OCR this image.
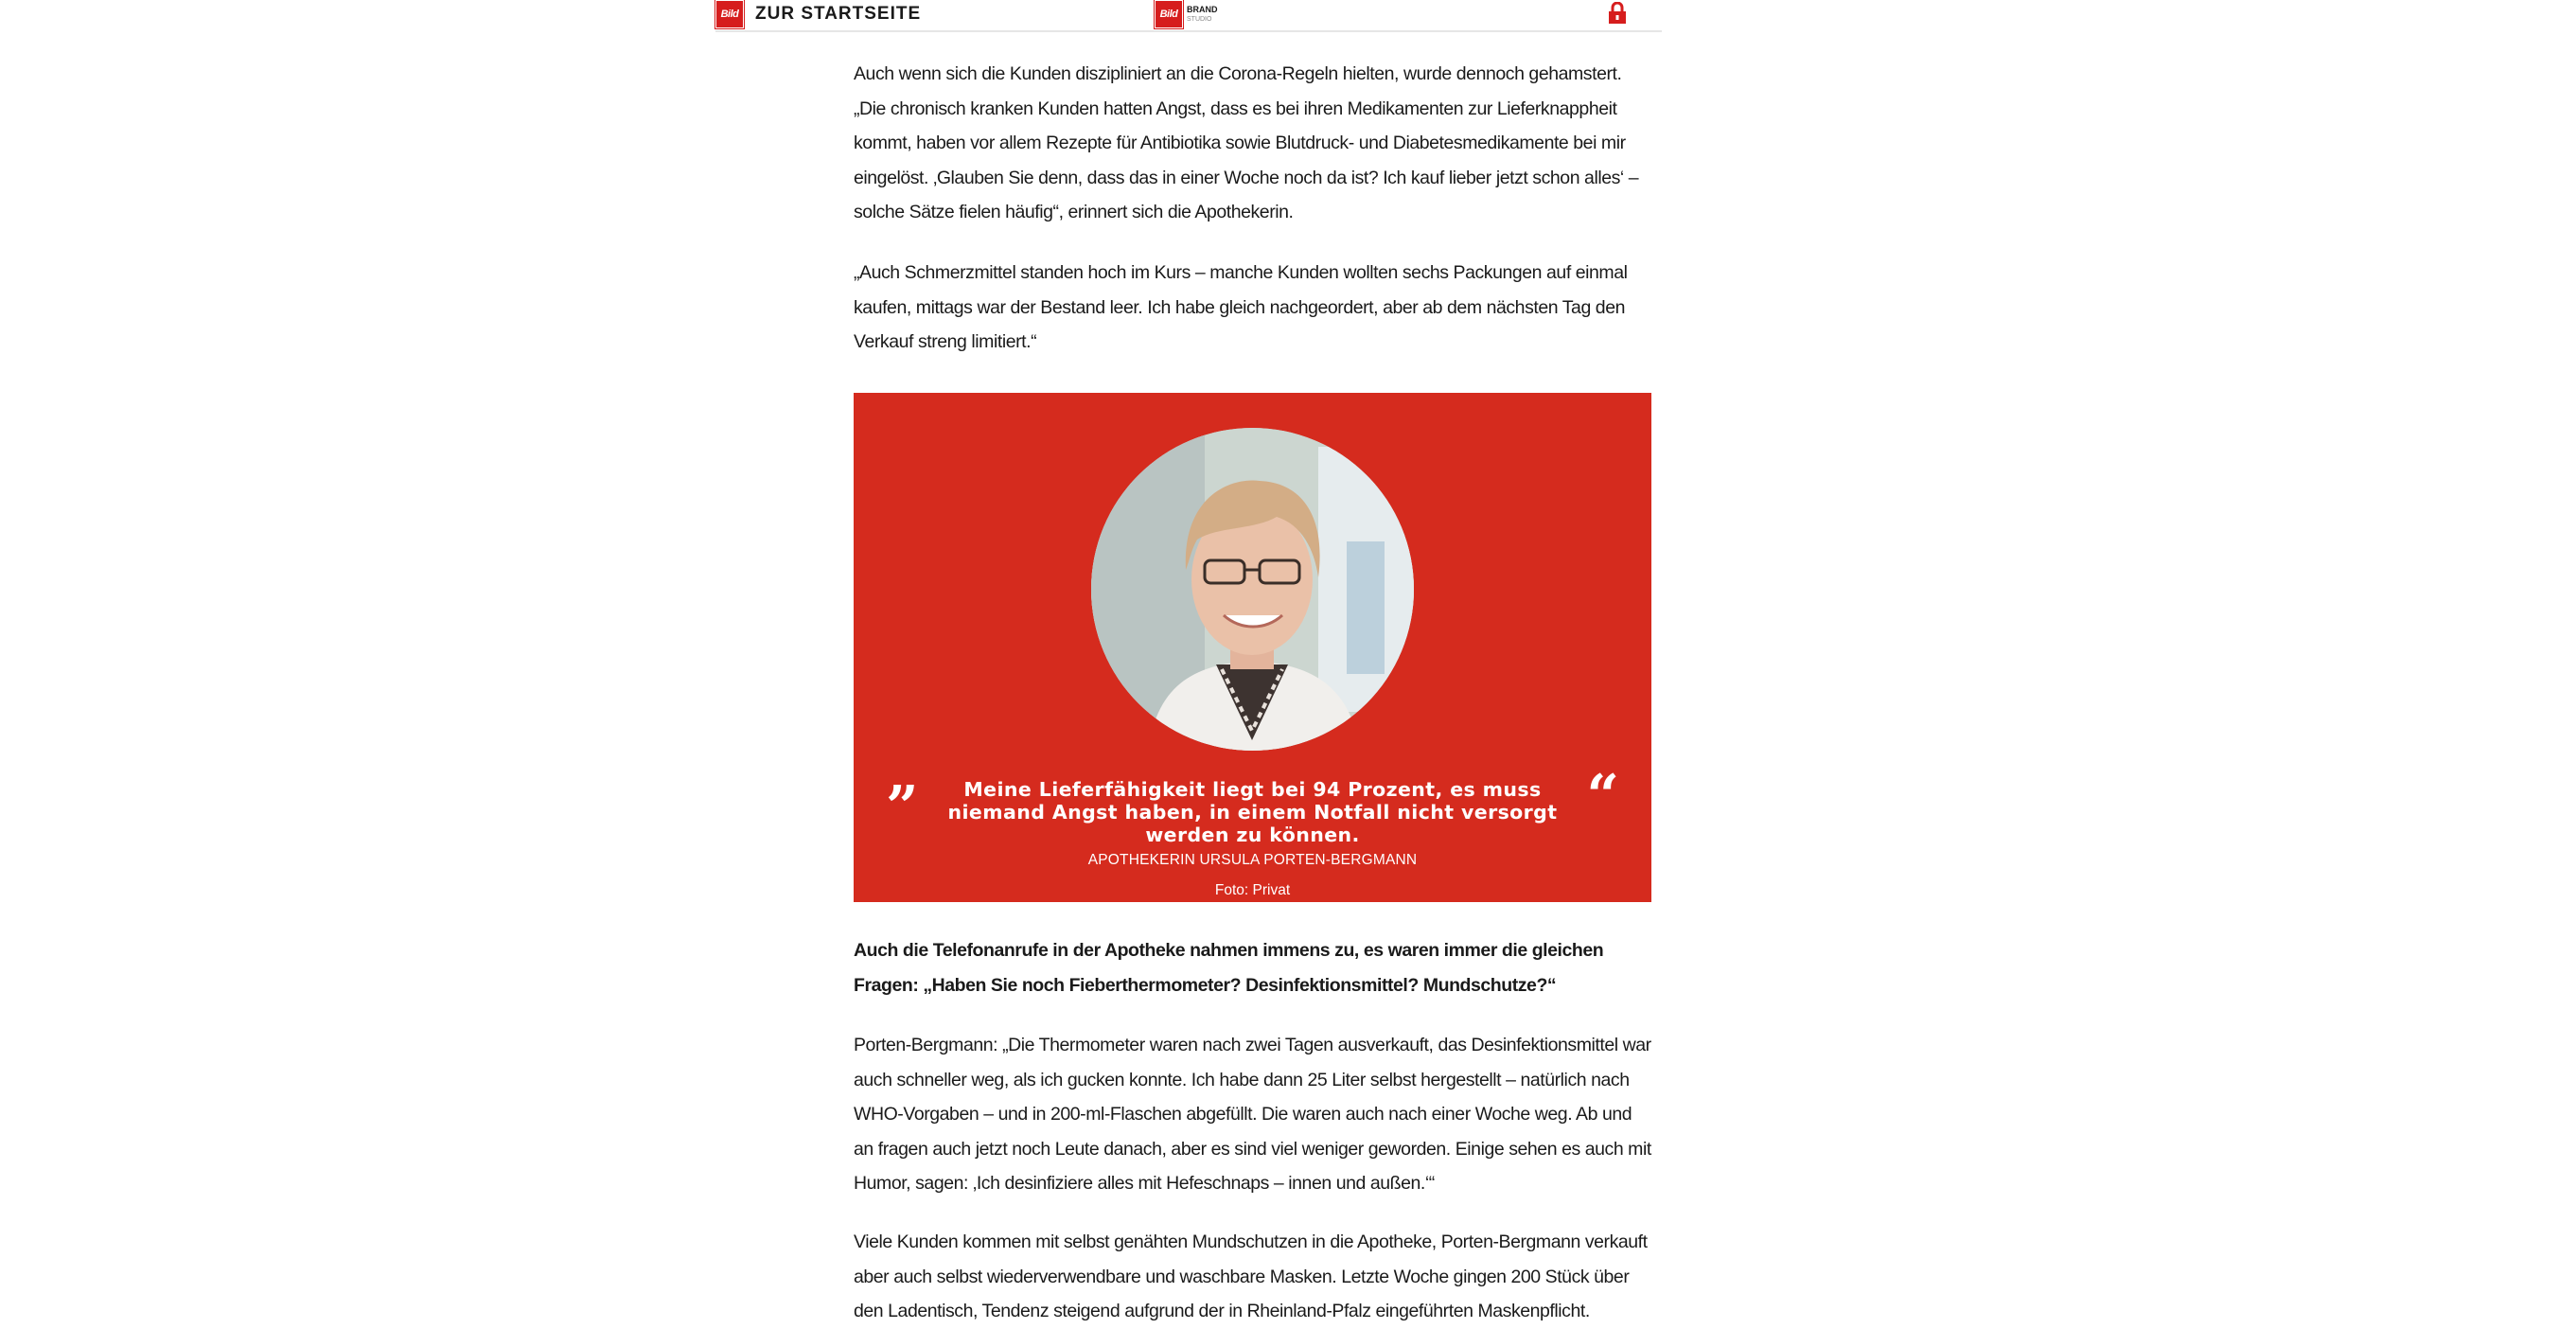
Bild ZUR STARTSEITE	Bild	BRAND
STUDIO

Auch wenn sich die Kunden diszipliniert an die Corona-Regeln hielten, wurde dennoch gehamstert. „Die chronisch kranken Kunden hatten Angst, dass es bei ihren Medikamenten zur Lieferknappheit kommt, haben vor allem Rezepte für Antibiotika sowie Blutdruck- und Diabetesmedikamente bei mir eingelöst. ‚Glauben Sie denn, dass das in einer Woche noch da ist? Ich kauf lieber jetzt schon alles‘ – solche Sätze fielen häufig“, erinnert sich die Apothekerin.

„Auch Schmerzmittel standen hoch im Kurs – manche Kunden wollten sechs Packungen auf einmal kaufen, mittags war der Bestand leer. Ich habe gleich nachgeordert, aber ab dem nächsten Tag den Verkauf streng limitiert.“

Auch die Telefonanrufe in der Apotheke nahmen immens zu, es waren immer die gleichen Fragen: „Haben Sie noch Fieberthermometer? Desinfektionsmittel? Mundschutze?“

Porten-Bergmann: „Die Thermometer waren nach zwei Tagen ausverkauft, das Desinfektionsmittel war auch schneller weg, als ich gucken konnte. Ich habe dann 25 Liter selbst hergestellt – natürlich nach WHO-Vorgaben – und in 200-ml-Flaschen abgefüllt. Die waren auch nach einer Woche weg. Ab und an fragen auch jetzt noch Leute danach, aber es sind viel weniger geworden. Einige sehen es auch mit Humor, sagen: ‚Ich desinfiziere alles mit Hefeschnaps – innen und außen.‘“

Viele Kunden kommen mit selbst genähten Mundschutzen in die Apotheke, Porten-Bergmann verkauft aber auch selbst wiederverwendbare und waschbare Masken. Letzte Woche gingen 200 Stück über den Ladentisch, Tendenz steigend aufgrund der in Rheinland-Pfalz eingeführten Maskenpflicht.

”	“

Meine Lieferfähigkeit liegt bei 94 Prozent, es muss niemand Angst haben, in einem Notfall nicht versorgt werden zu können.

APOTHEKERIN URSULA PORTEN-BERGMANN
Foto: Privat
